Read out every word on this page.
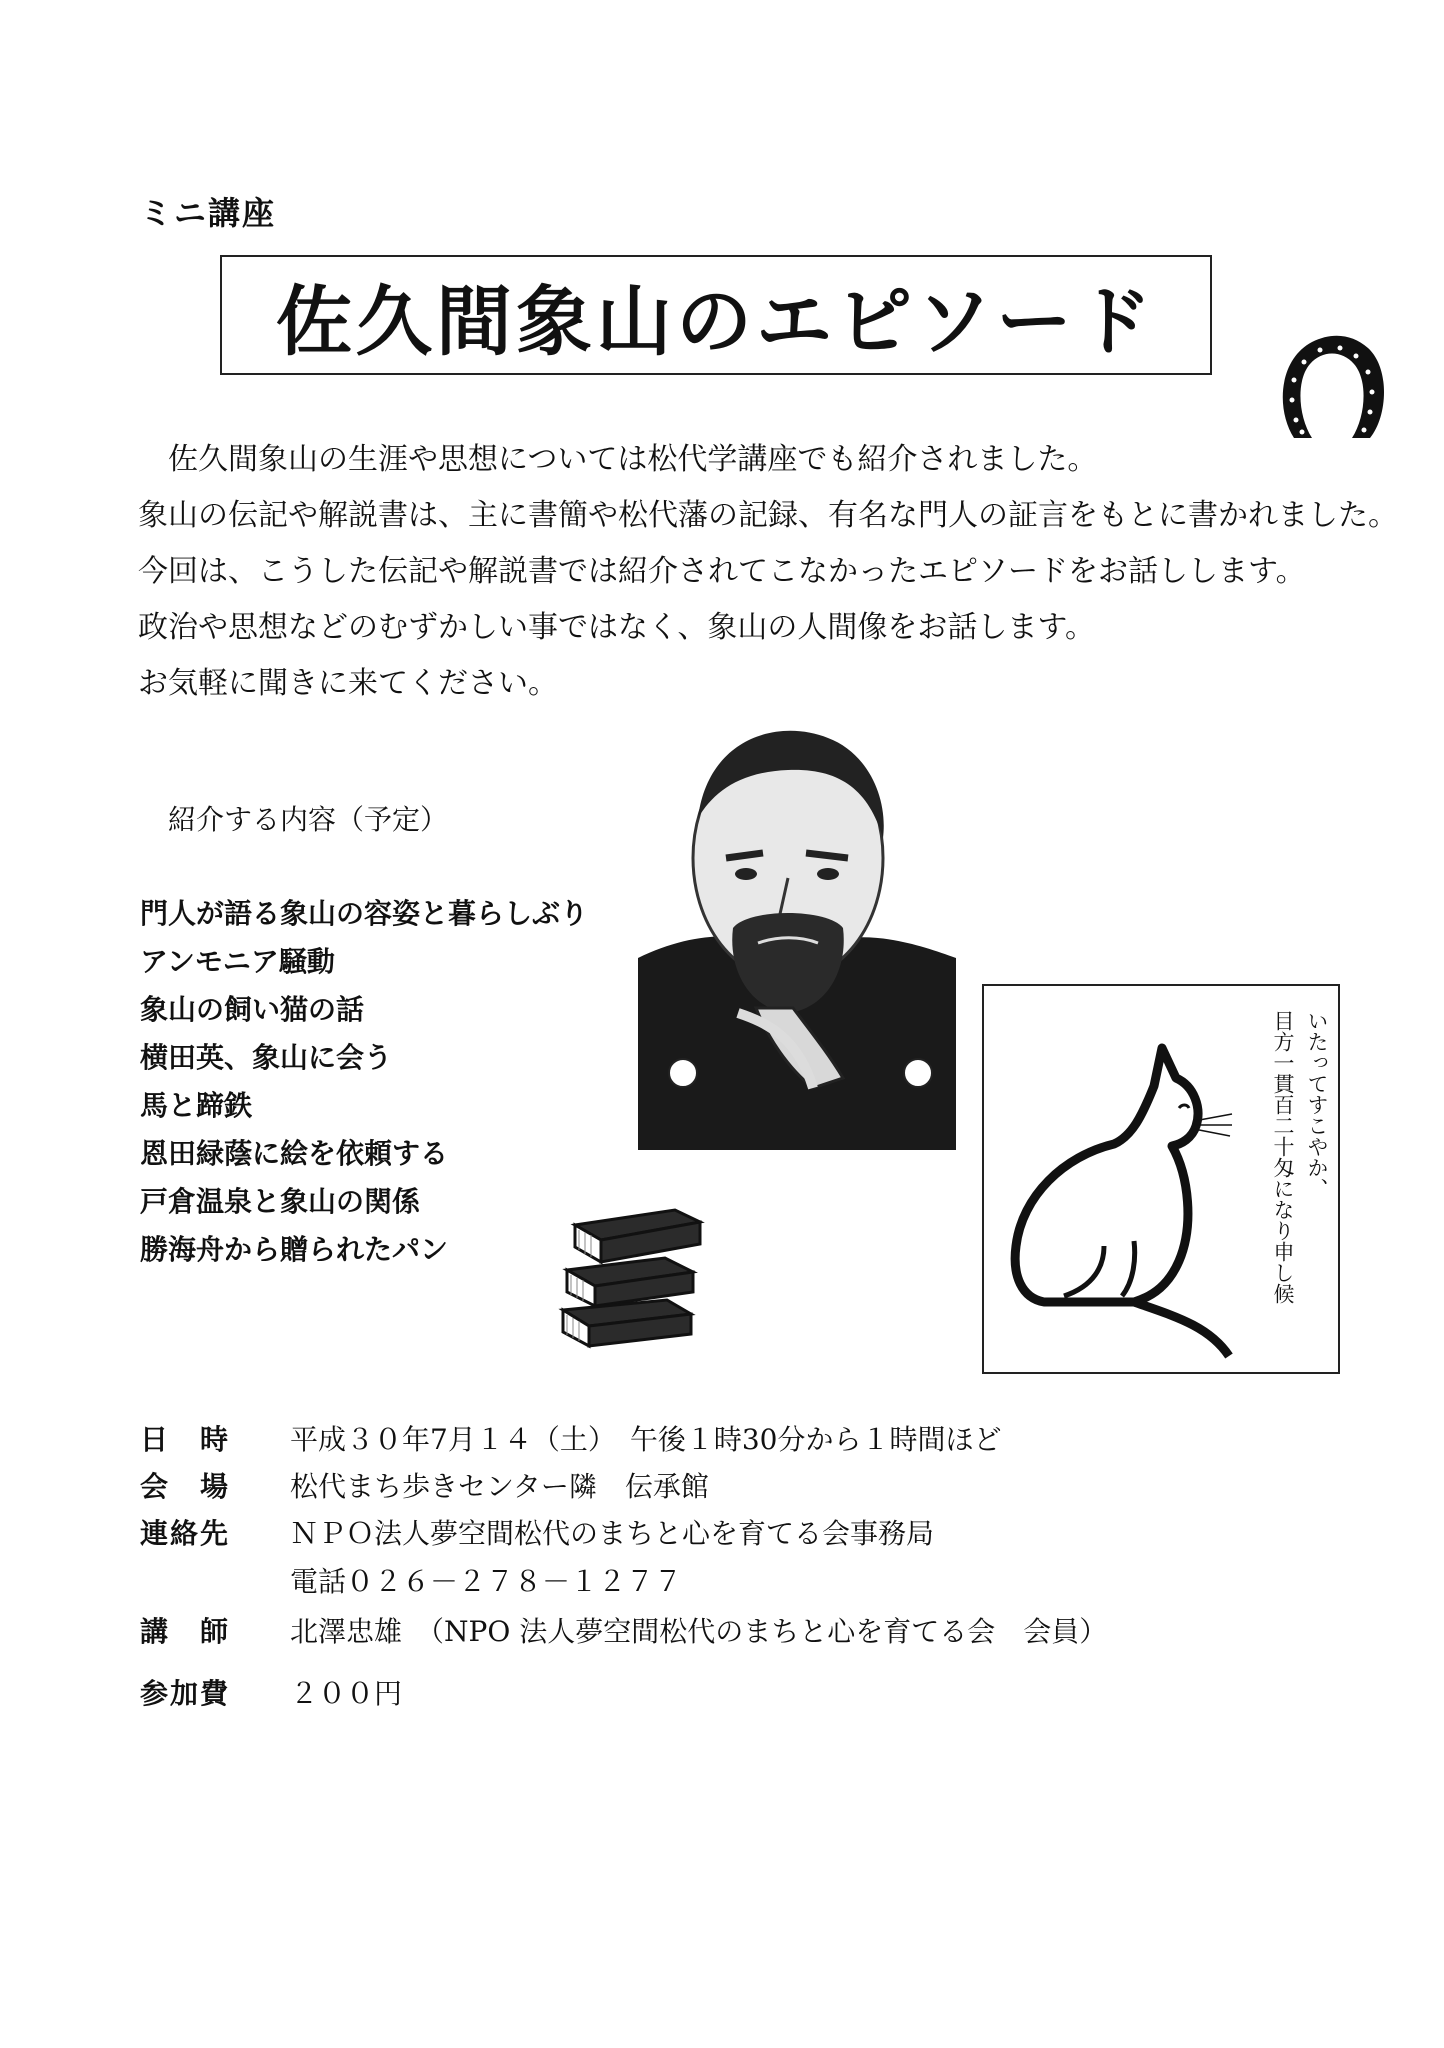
ミニ講座
佐久間象山のエピソード

佐久間象山の生涯や思想については松代学講座でも紹介されました。

象山の伝記や解説書は、主に書簡や松代藩の記録、有名な門人の証言をもとに書かれました。

今回は、こうした伝記や解説書では紹介されてこなかったエピソードをお話しします。

政治や思想などのむずかしい事ではなく、象山の人間像をお話します。

お気軽に聞きに来てください。

紹介する内容（予定）
門人が語る象山の容姿と暮らしぶり
アンモニア騒動
象山の飼い猫の話
横田英、象山に会う
馬と蹄鉄
恩田緑蔭に絵を依頼する
戸倉温泉と象山の関係
勝海舟から贈られたパン
いたってすこやか、
目方一貫百二十匁になり申し候
日　時 平成３０年7月１４（土）　午後１時30分から１時間ほど
会　場 松代まち歩きセンター隣　伝承館
連絡先 ＮＰＯ法人夢空間松代のまちと心を育てる会事務局
電話０２６－２７８－１２７７
講　師 北澤忠雄　（NPO 法人夢空間松代のまちと心を育てる会　会員）
参加費 ２００円
